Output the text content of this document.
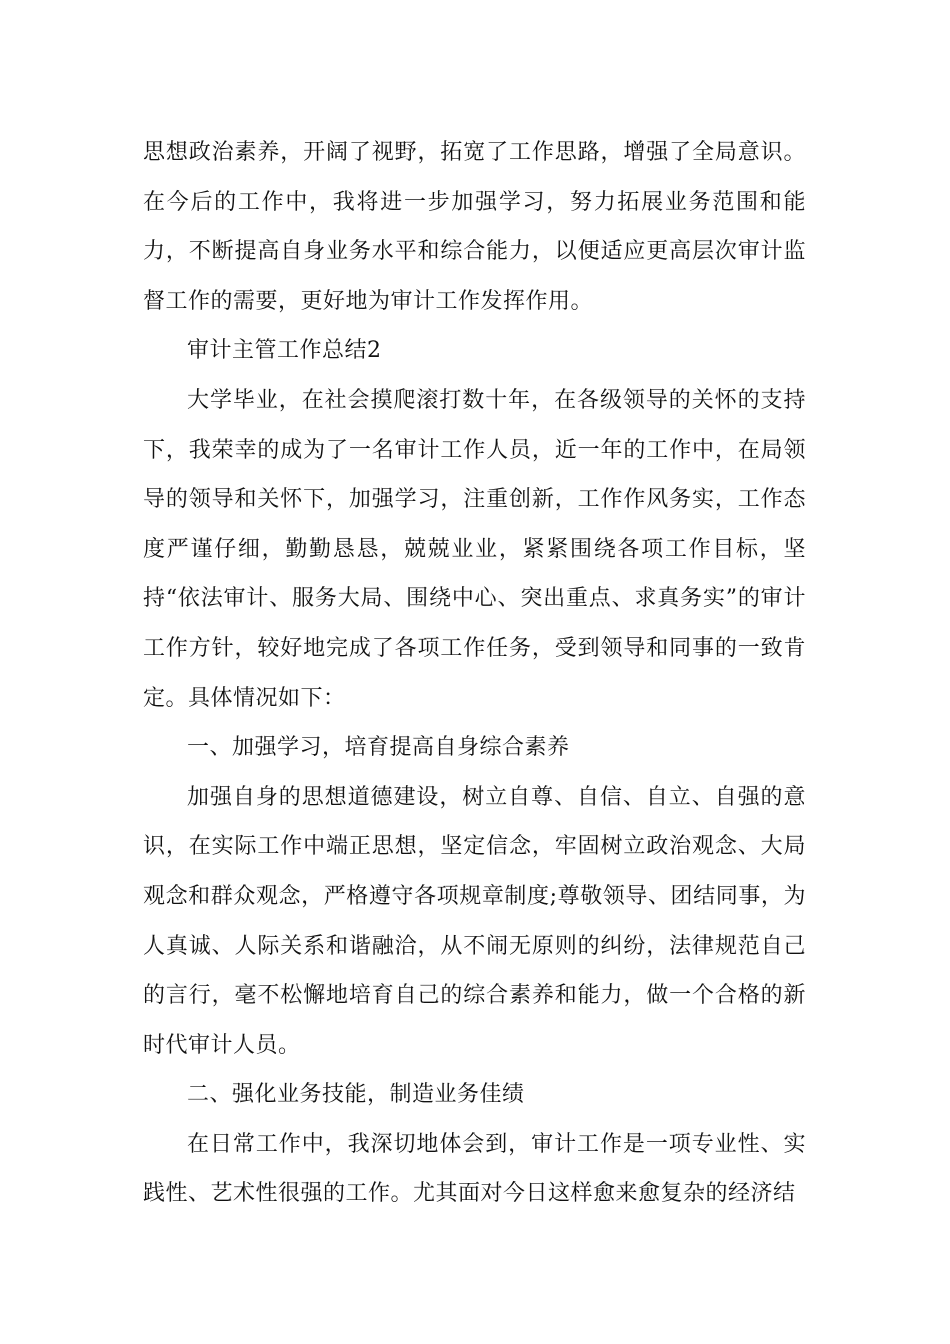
思想政治素养，开阔了视野，拓宽了工作思路，增强了全局意识。在今后的工作中，我将进一步加强学习，努力拓展业务范围和能力，不断提高自身业务水平和综合能力，以便适应更高层次审计监督工作的需要，更好地为审计工作发挥作用。

审计主管工作总结2

大学毕业，在社会摸爬滚打数十年，在各级领导的关怀的支持下，我荣幸的成为了一名审计工作人员，近一年的工作中，在局领导的领导和关怀下，加强学习，注重创新，工作作风务实，工作态度严谨仔细，勤勤恳恳，兢兢业业，紧紧围绕各项工作目标，坚持“依法审计、服务大局、围绕中心、突出重点、求真务实”的审计工作方针，较好地完成了各项工作任务，受到领导和同事的一致肯定。具体情况如下：

一、加强学习，培育提高自身综合素养

加强自身的思想道德建设，树立自尊、自信、自立、自强的意识，在实际工作中端正思想，坚定信念，牢固树立政治观念、大局观念和群众观念，严格遵守各项规章制度;尊敬领导、团结同事，为人真诚、人际关系和谐融洽，从不闹无原则的纠纷，法律规范自己的言行，毫不松懈地培育自己的综合素养和能力，做一个合格的新时代审计人员。

二、强化业务技能，制造业务佳绩

在日常工作中，我深切地体会到，审计工作是一项专业性、实践性、艺术性很强的工作。尤其面对今日这样愈来愈复杂的经济结
